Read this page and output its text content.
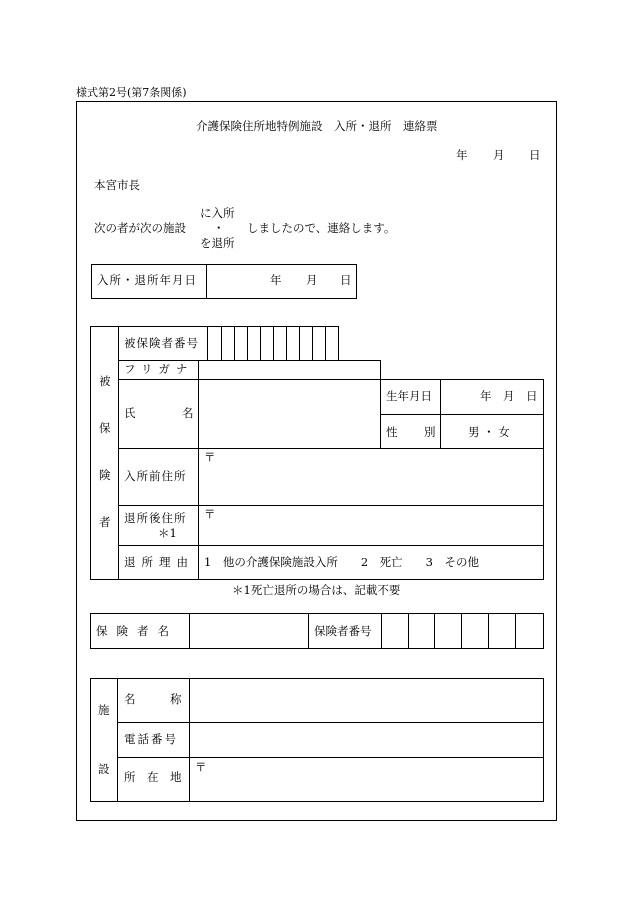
様式第2号(第7条関係)
介護保険住所地特例施設　入所・退所　連絡票
年 月 日
本宮市長
に入所
次の者が次の施設 ・ しましたので、連絡します。
を退所
入所・退所年月日	年 月 日
被
保
険
者
被保険者番号
フリガナ
氏	名
生年月日	年 月 日
性 別	男 ・ 女
入所前住所
〒
退所後住所
＊1
〒
退所理由 1　他の介護保険施設入所　　2　死亡　　3　その他
＊1死亡退所の場合は、記載不要
保険者名	保険者番号
施
設
名　　　称
電話番号
所　在　地
〒
